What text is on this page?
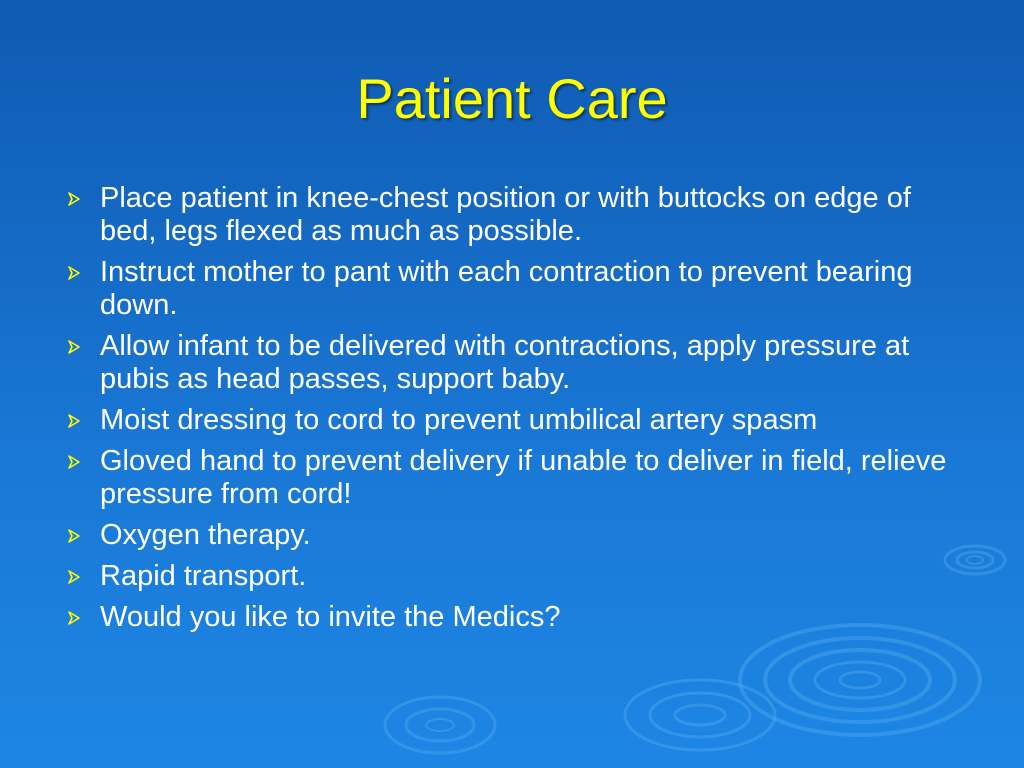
Patient Care
Place patient in knee-chest position or with buttocks on edge of bed, legs flexed as much as possible.
Instruct mother to pant with each contraction to prevent bearing down.
Allow infant to be delivered with contractions, apply pressure at pubis as head passes, support baby.
Moist dressing to cord to prevent umbilical artery spasm
Gloved hand to prevent delivery if unable to deliver in field, relieve pressure from cord!
Oxygen therapy.
Rapid transport.
Would you like to invite the Medics?
